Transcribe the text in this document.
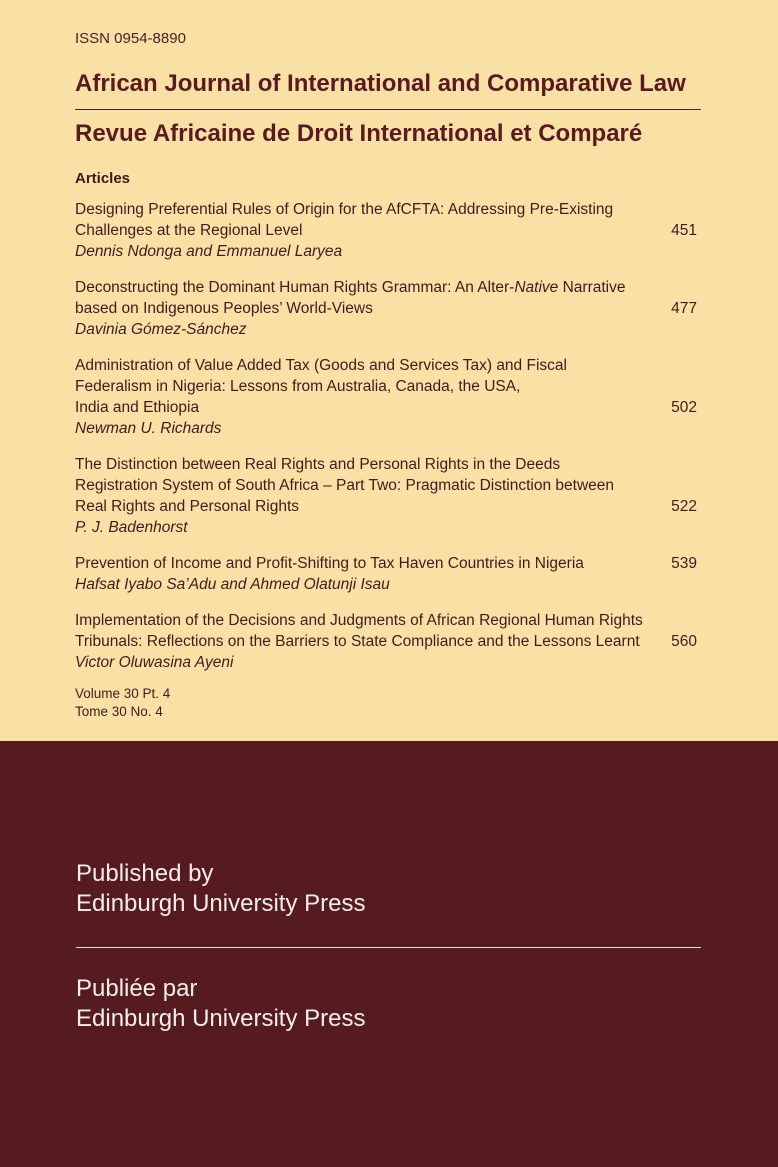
ISSN 0954-8890
African Journal of International and Comparative Law
Revue Africaine de Droit International et Comparé
Articles
Designing Preferential Rules of Origin for the AfCFTA: Addressing Pre-Existing
Challenges at the Regional Level
Dennis Ndonga and Emmanuel Laryea
451
Deconstructing the Dominant Human Rights Grammar: An Alter-Native Narrative
based on Indigenous Peoples’ World-Views
Davinia Gómez-Sánchez
477
Administration of Value Added Tax (Goods and Services Tax) and Fiscal
Federalism in Nigeria: Lessons from Australia, Canada, the USA,
India and Ethiopia
Newman U. Richards
502
The Distinction between Real Rights and Personal Rights in the Deeds
Registration System of South Africa – Part Two: Pragmatic Distinction between
Real Rights and Personal Rights
P. J. Badenhorst
522
Prevention of Income and Profit-Shifting to Tax Haven Countries in Nigeria
Hafsat Iyabo Sa’Adu and Ahmed Olatunji Isau
539
Implementation of the Decisions and Judgments of African Regional Human Rights
Tribunals: Reflections on the Barriers to State Compliance and the Lessons Learnt
Victor Oluwasina Ayeni
560
Volume 30 Pt. 4
Tome 30 No. 4
Published by
Edinburgh University Press
Publiée par
Edinburgh University Press
